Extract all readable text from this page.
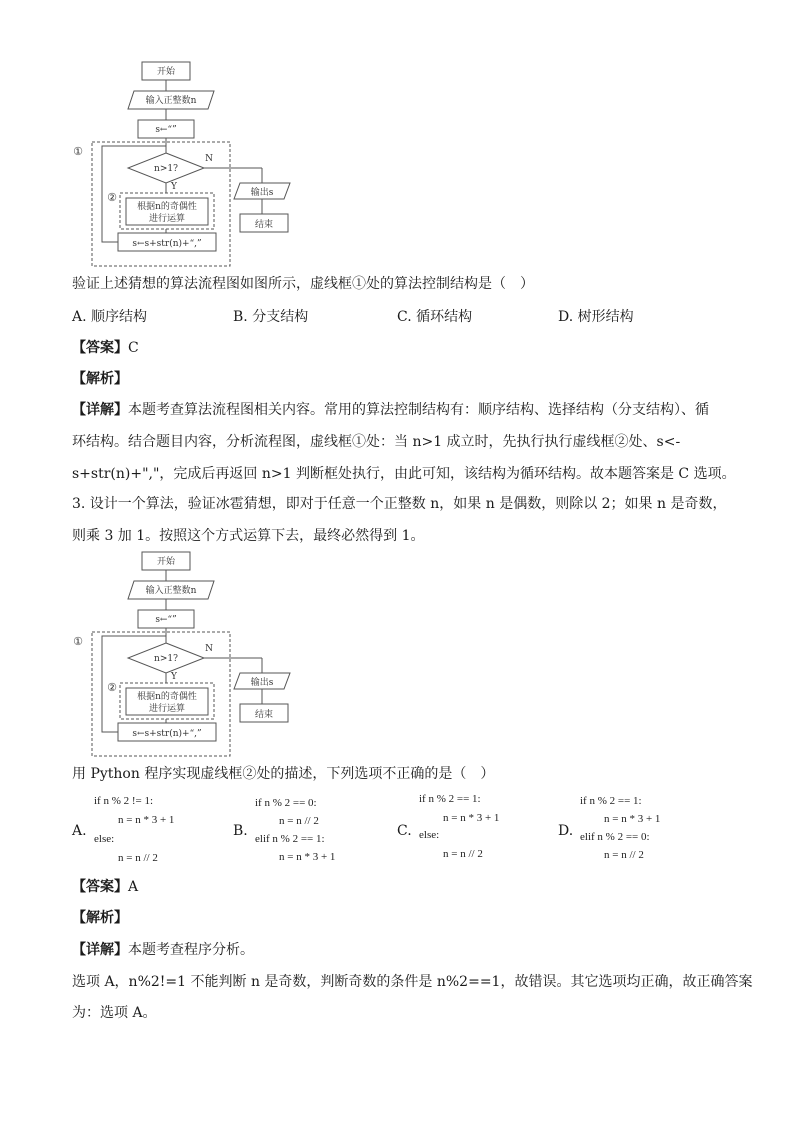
开始
输入正整数n
s←“”
n>1?
N
Y
①
②
根据n的奇偶性
进行运算
s←s+str(n)+“,”
输出s
结束
验证上述猜想的算法流程图如图所示，虚线框①处的算法控制结构是（　）
A. 顺序结构	B. 分支结构	C. 循环结构	D. 树形结构
【答案】C
【解析】
【详解】本题考查算法流程图相关内容。常用的算法控制结构有：顺序结构、选择结构（分支结构）、循
环结构。结合题目内容，分析流程图，虚线框①处：当 n>1 成立时，先执行执行虚线框②处、s<-
s+str(n)+","，完成后再返回 n>1 判断框处执行，由此可知，该结构为循环结构。故本题答案是 C 选项。
3. 设计一个算法，验证冰雹猜想，即对于任意一个正整数 n，如果 n 是偶数，则除以 2；如果 n 是奇数，
则乘 3 加 1。按照这个方式运算下去，最终必然得到 1。
开始
输入正整数n
s←“”
n>1?
N
Y
①
②
根据n的奇偶性
进行运算
s←s+str(n)+“,”
输出s
结束
用 Python 程序实现虚线框②处的描述，下列选项不正确的是（　）
A.
if n % 2 != 1:
n = n * 3 + 1
else:
n = n // 2
B.
if n % 2 == 0:
n = n // 2
elif n % 2 == 1:
n = n * 3 + 1
C.
if n % 2 == 1:
n = n * 3 + 1
else:
n = n // 2
D.
if n % 2 == 1:
n = n * 3 + 1
elif n % 2 == 0:
n = n // 2
【答案】A
【解析】
【详解】本题考查程序分析。
选项 A，n%2!=1 不能判断 n 是奇数，判断奇数的条件是 n%2==1，故错误。其它选项均正确，故正确答案
为：选项 A。
